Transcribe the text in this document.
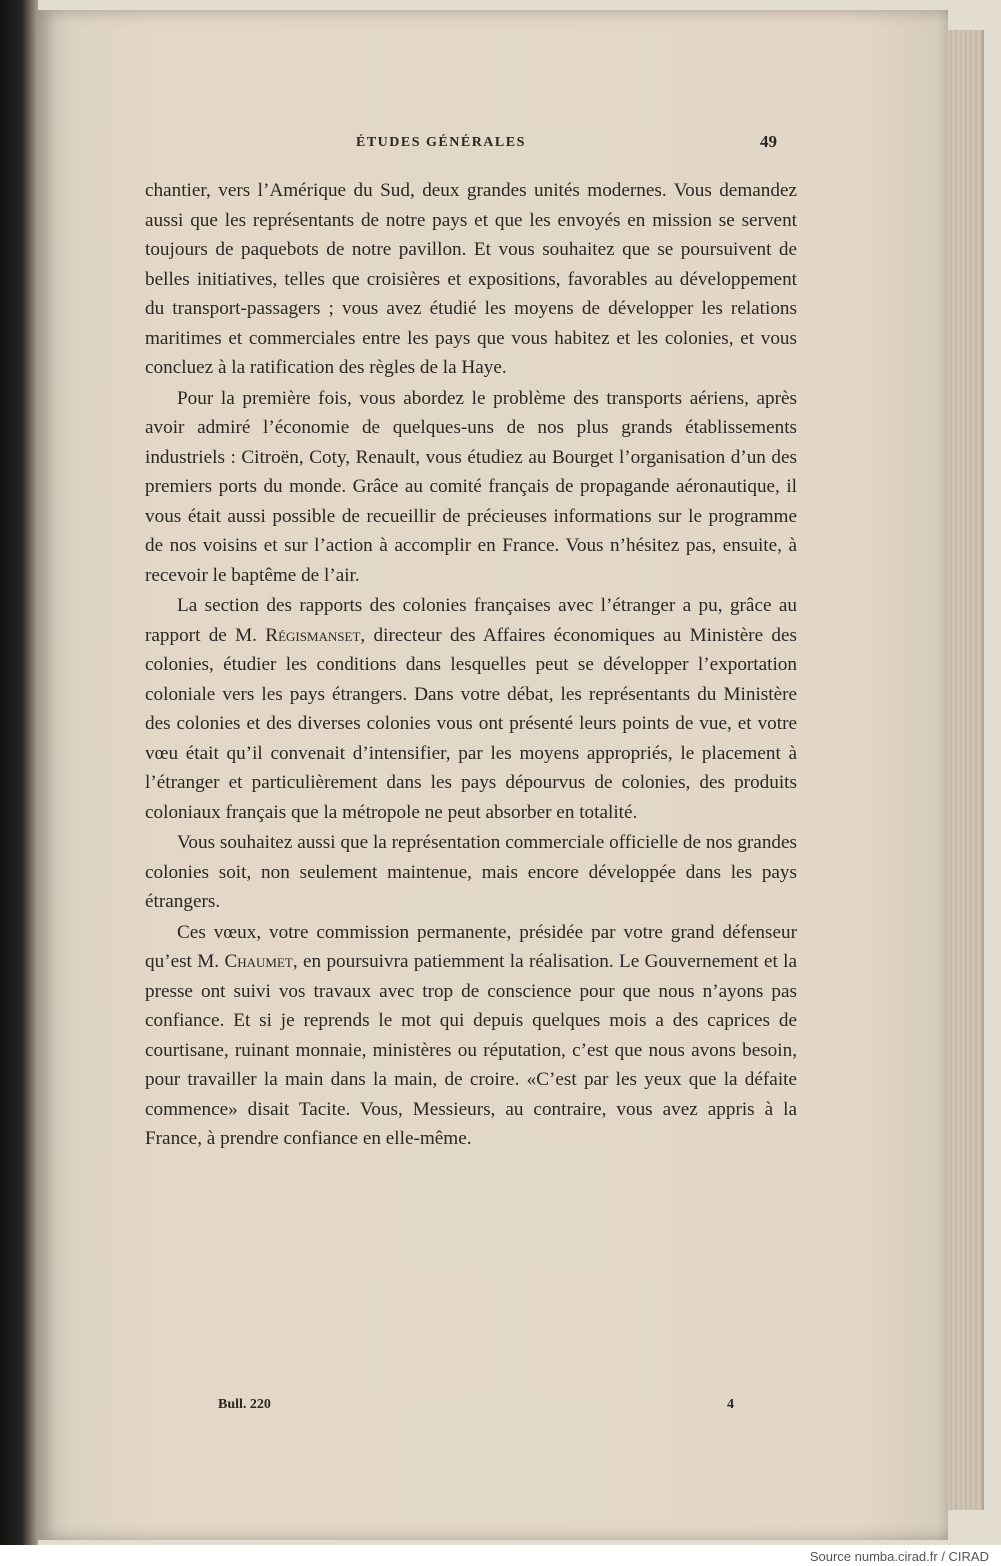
ÉTUDES GÉNÉRALES	49

chantier, vers l’Amérique du Sud, deux grandes unités modernes. Vous demandez aussi que les représentants de notre pays et que les envoyés en mission se servent toujours de paquebots de notre pavillon. Et vous souhaitez que se poursuivent de belles initiatives, telles que croisières et expositions, favorables au développement du transport-passagers ; vous avez étudié les moyens de développer les relations maritimes et commerciales entre les pays que vous habitez et les colonies, et vous concluez à la ratification des règles de la Haye.

Pour la première fois, vous abordez le problème des transports aériens, après avoir admiré l’économie de quelques-uns de nos plus grands établissements industriels : Citroën, Coty, Renault, vous étudiez au Bourget l’organisation d’un des premiers ports du monde. Grâce au comité français de propagande aéronautique, il vous était aussi possible de recueillir de précieuses informations sur le programme de nos voisins et sur l’action à accomplir en France. Vous n’hésitez pas, ensuite, à recevoir le baptême de l’air.

La section des rapports des colonies françaises avec l’étranger a pu, grâce au rapport de M. Régismanset, directeur des Affaires économiques au Ministère des colonies, étudier les conditions dans lesquelles peut se développer l’exportation coloniale vers les pays étrangers. Dans votre débat, les représentants du Ministère des colonies et des diverses colonies vous ont présenté leurs points de vue, et votre vœu était qu’il convenait d’intensifier, par les moyens appropriés, le placement à l’étranger et particulièrement dans les pays dépourvus de colonies, des produits coloniaux français que la métropole ne peut absorber en totalité.

Vous souhaitez aussi que la représentation commerciale officielle de nos grandes colonies soit, non seulement maintenue, mais encore développée dans les pays étrangers.

Ces vœux, votre commission permanente, présidée par votre grand défenseur qu’est M. Chaumet, en poursuivra patiemment la réalisation. Le Gouvernement et la presse ont suivi vos travaux avec trop de conscience pour que nous n’ayons pas confiance. Et si je reprends le mot qui depuis quelques mois a des caprices de courtisane, ruinant monnaie, ministères ou réputation, c’est que nous avons besoin, pour travailler la main dans la main, de croire. «C’est par les yeux que la défaite commence» disait Tacite. Vous, Messieurs, au contraire, vous avez appris à la France, à prendre confiance en elle-même.

Bull. 220	4
Source numba.cirad.fr / CIRAD
